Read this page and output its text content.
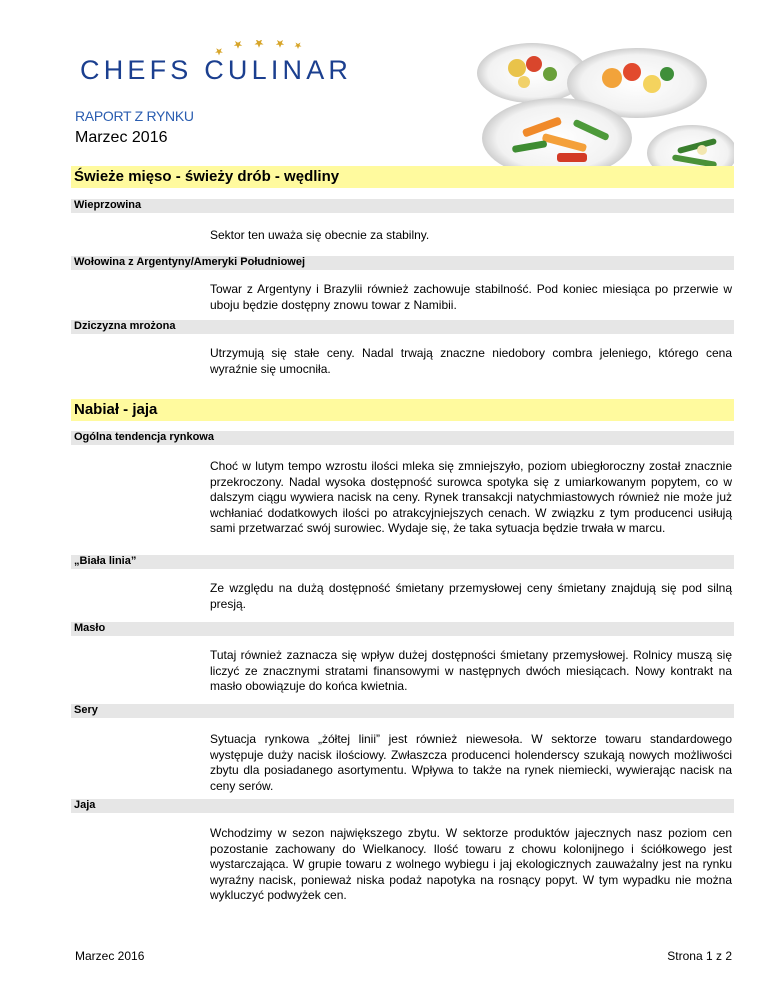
CHEFS CULINAR
RAPORT Z RYNKU
Marzec 2016
Świeże mięso - świeży drób - wędliny
Wieprzowina

Sektor ten uważa się obecnie za stabilny.

Wołowina z Argentyny/Ameryki Południowej

Towar z Argentyny i Brazylii również zachowuje stabilność. Pod koniec miesiąca po przerwie w uboju będzie dostępny znowu towar z Namibii.

Dziczyzna mrożona

Utrzymują się stałe ceny. Nadal trwają znaczne niedobory combra jeleniego, którego cena wyraźnie się umocniła.

Nabiał - jaja
Ogólna tendencja rynkowa

Choć w lutym tempo wzrostu ilości mleka się zmniejszyło, poziom ubiegłoroczny został znacznie przekroczony. Nadal wysoka dostępność surowca spotyka się z umiarkowanym popytem, co w dalszym ciągu wywiera nacisk na ceny. Rynek transakcji natychmiastowych również nie może już wchłaniać dodatkowych ilości po atrakcyjniejszych cenach. W związku z tym producenci usiłują sami przetwarzać swój surowiec. Wydaje się, że taka sytuacja będzie trwała w marcu.

„Biała linia”

Ze względu na dużą dostępność śmietany przemysłowej ceny śmietany znajdują się pod silną presją.

Masło

Tutaj również zaznacza się wpływ dużej dostępności śmietany przemysłowej. Rolnicy muszą się liczyć ze znacznymi stratami finansowymi w następnych dwóch miesiącach. Nowy kontrakt na masło obowiązuje do końca kwietnia.

Sery

Sytuacja rynkowa „żółtej linii” jest również niewesoła. W sektorze towaru standardowego występuje duży nacisk ilościowy. Zwłaszcza producenci holenderscy szukają nowych możliwości zbytu dla posiadanego asortymentu. Wpływa to także na rynek niemiecki, wywierając nacisk na ceny serów.

Jaja

Wchodzimy w sezon największego zbytu. W sektorze produktów jajecznych nasz poziom cen pozostanie zachowany do Wielkanocy. Ilość towaru z chowu kolonijnego i ściółkowego jest wystarczająca. W grupie towaru z wolnego wybiegu i jaj ekologicznych zauważalny jest na rynku wyraźny nacisk, ponieważ niska podaż napotyka na rosnący popyt. W tym wypadku nie można wykluczyć podwyżek cen.

Marzec 2016	Strona 1 z 2
